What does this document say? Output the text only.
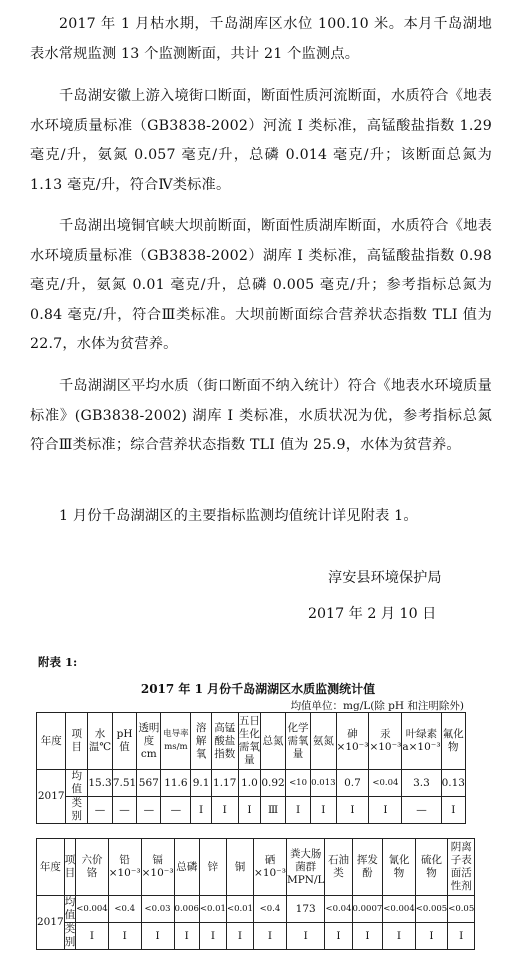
2017 年 1 月枯水期，千岛湖库区水位 100.10 米。本月千岛湖地表水常规监测 13 个监测断面，共计 21 个监测点。
千岛湖安徽上游入境街口断面，断面性质河流断面，水质符合《地表水环境质量标准（GB3838-2002）河流 Ⅰ 类标准，高锰酸盐指数 1.29 毫克/升，氨氮 0.057 毫克/升，总磷 0.014 毫克/升；该断面总氮为 1.13 毫克/升，符合Ⅳ类标准。
千岛湖出境铜官峡大坝前断面，断面性质湖库断面，水质符合《地表水环境质量标准（GB3838-2002）湖库 Ⅰ 类标准，高锰酸盐指数 0.98 毫克/升，氨氮 0.01 毫克/升，总磷 0.005 毫克/升；参考指标总氮为 0.84 毫克/升，符合Ⅲ类标准。大坝前断面综合营养状态指数 TLI 值为 22.7，水体为贫营养。
千岛湖湖区平均水质（街口断面不纳入统计）符合《地表水环境质量标准》(GB3838-2002) 湖库 Ⅰ 类标准，水质状况为优，参考指标总氮符合Ⅲ类标准；综合营养状态指数 TLI 值为 25.9，水体为贫营养。
1 月份千岛湖湖区的主要指标监测均值统计详见附表 1。
淳安县环境保护局
2017 年 2 月 10 日
附表 1:
2017 年 1 月份千岛湖湖区水质监测统计值
均值单位：mg/L(除 pH 和注明除外)
年度	项目	水温℃	pH值	透明度cm	电导率ms/m	溶解氧	高锰酸盐指数	五日生化需氧量	总氮	化学需氧量	氨氮	砷×10⁻³	汞×10⁻³	叶绿素a×10⁻³	氟化物
2017	均值	15.3	7.51	567	11.6	9.1	1.17	1.0	0.92	<10	0.013	0.7	<0.04	3.3	0.13
	类别	—	—	—	—	Ⅰ	Ⅰ	Ⅰ	Ⅲ	Ⅰ	Ⅰ	Ⅰ	Ⅰ	—	Ⅰ
年度	项目	六价铬	铅×10⁻³	镉×10⁻³	总磷	锌	铜	硒×10⁻³	粪大肠菌群MPN/L	石油类	挥发酚	氰化物	硫化物	阴离子表面活性剂
2017	均值	<0.004	<0.4	<0.03	0.006	<0.01	<0.01	<0.4	173	<0.04	0.0007	<0.004	<0.005	<0.05
	类别	Ⅰ	Ⅰ	Ⅰ	Ⅰ	Ⅰ	Ⅰ	Ⅰ	Ⅰ	Ⅰ	Ⅰ	Ⅰ	Ⅰ	Ⅰ
